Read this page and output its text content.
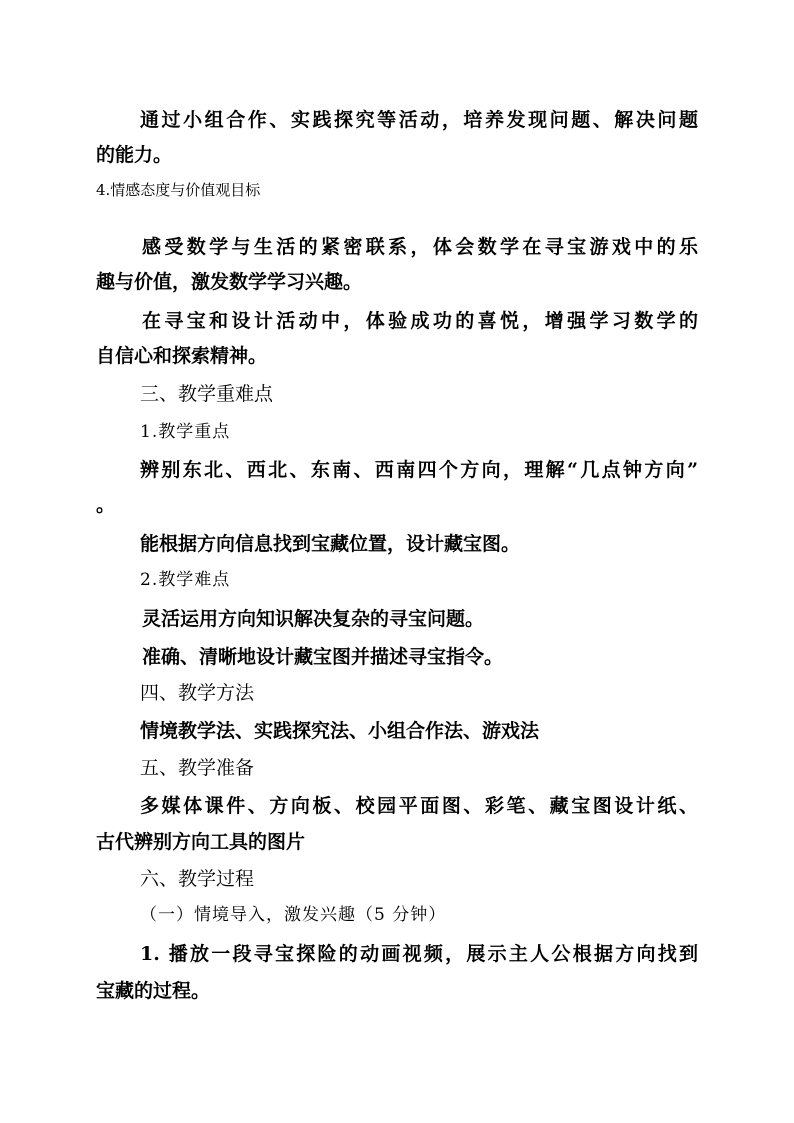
通过小组合作、实践探究等活动，培养发现问题、解决问题
的能力。
4.情感态度与价值观目标
感受数学与生活的紧密联系，体会数学在寻宝游戏中的乐
趣与价值，激发数学学习兴趣。
在寻宝和设计活动中，体验成功的喜悦，增强学习数学的
自信心和探索精神。
三、教学重难点
1.教学重点
辨别东北、西北、东南、西南四个方向，理解“几点钟方向”
。
能根据方向信息找到宝藏位置，设计藏宝图。
2.教学难点
灵活运用方向知识解决复杂的寻宝问题。
准确、清晰地设计藏宝图并描述寻宝指令。
四、教学方法
情境教学法、实践探究法、小组合作法、游戏法
五、教学准备
多媒体课件、方向板、校园平面图、彩笔、藏宝图设计纸、
古代辨别方向工具的图片
六、教学过程
（一）情境导入，激发兴趣（5 分钟）
1. 播放一段寻宝探险的动画视频，展示主人公根据方向找到
宝藏的过程。
